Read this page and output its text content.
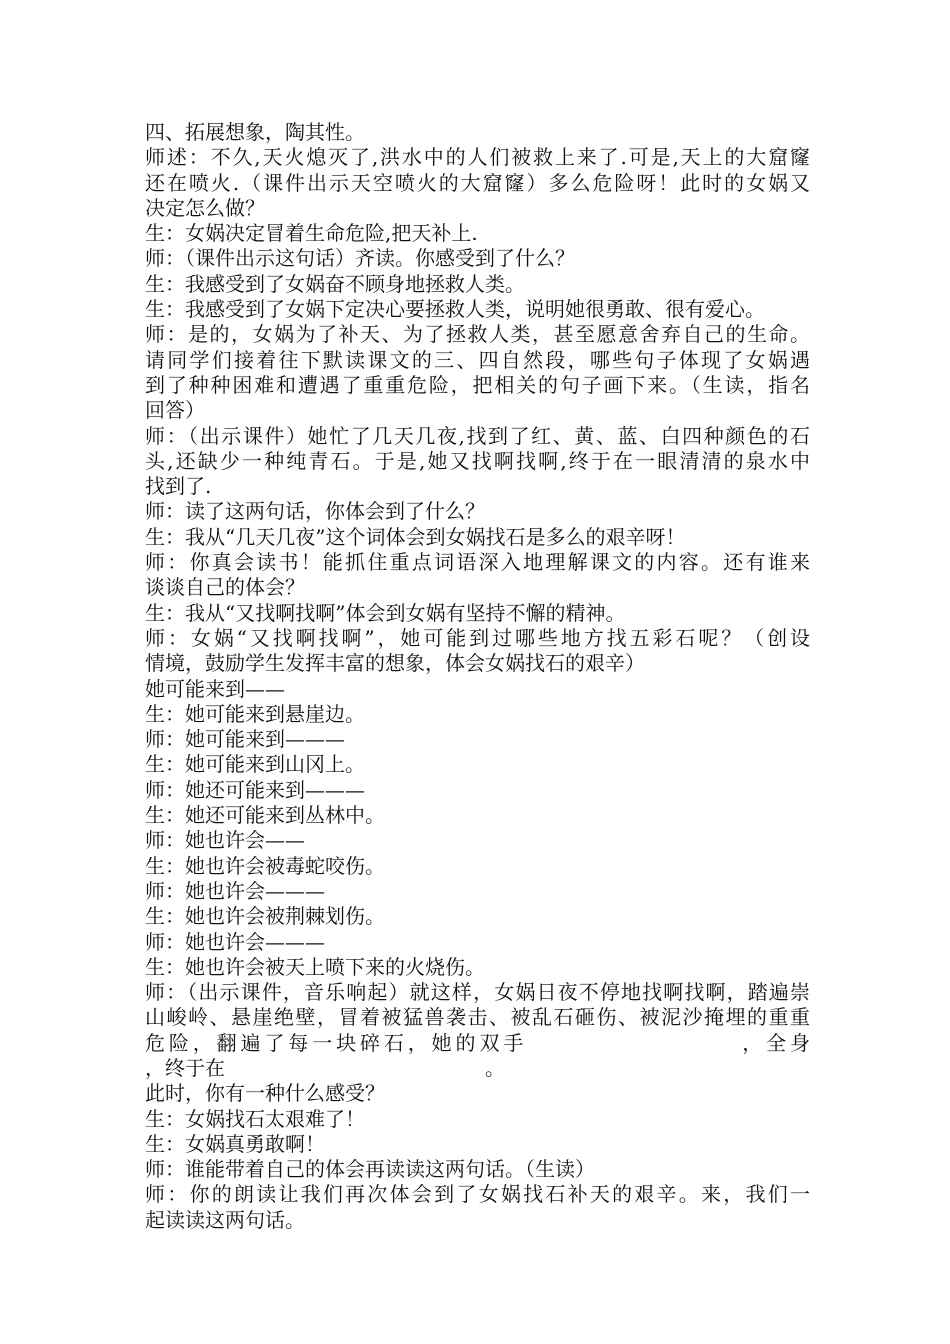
四、拓展想象，陶其性。
师述：不久,天火熄灭了,洪水中的人们被救上来了.可是,天上的大窟窿
还在喷火.（课件出示天空喷火的大窟窿）多么危险呀！此时的女娲又
决定怎么做？
生：女娲决定冒着生命危险,把天补上.
师：（课件出示这句话）齐读。你感受到了什么？
生：我感受到了女娲奋不顾身地拯救人类。
生：我感受到了女娲下定决心要拯救人类，说明她很勇敢、很有爱心。
师：是的，女娲为了补天、为了拯救人类，甚至愿意舍弃自己的生命。
请同学们接着往下默读课文的三、四自然段，哪些句子体现了女娲遇
到了种种困难和遭遇了重重危险，把相关的句子画下来。（生读，指名
回答）
师：（出示课件）她忙了几天几夜,找到了红、黄、蓝、白四种颜色的石
头,还缺少一种纯青石。于是,她又找啊找啊,终于在一眼清清的泉水中
找到了.
师：读了这两句话，你体会到了什么？
生：我从“几天几夜”这个词体会到女娲找石是多么的艰辛呀！
师：你真会读书！能抓住重点词语深入地理解课文的内容。还有谁来
谈谈自己的体会？
生：我从“又找啊找啊”体会到女娲有坚持不懈的精神。
师：女娲“又找啊找啊”，她可能到过哪些地方找五彩石呢？（创设
情境，鼓励学生发挥丰富的想象，体会女娲找石的艰辛）
她可能来到——
生：她可能来到悬崖边。
师：她可能来到———
生：她可能来到山冈上。
师：她还可能来到———
生：她还可能来到丛林中。
师：她也许会——
生：她也许会被毒蛇咬伤。
师：她也许会———
生：她也许会被荆棘划伤。
师：她也许会———
生：她也许会被天上喷下来的火烧伤。
师：（出示课件，音乐响起）就这样，女娲日夜不停地找啊找啊，踏遍崇
山峻岭、悬崖绝壁，冒着被猛兽袭击、被乱石砸伤、被泥沙掩埋的重重
危险，翻遍了每一块碎石，她的双手　　　　　　　　　，全身
，终于在　　　　　　　　　　　　　。
此时，你有一种什么感受？
生：女娲找石太艰难了！
生：女娲真勇敢啊！
师：谁能带着自己的体会再读读这两句话。（生读）
师：你的朗读让我们再次体会到了女娲找石补天的艰辛。来，我们一
起读读这两句话。
